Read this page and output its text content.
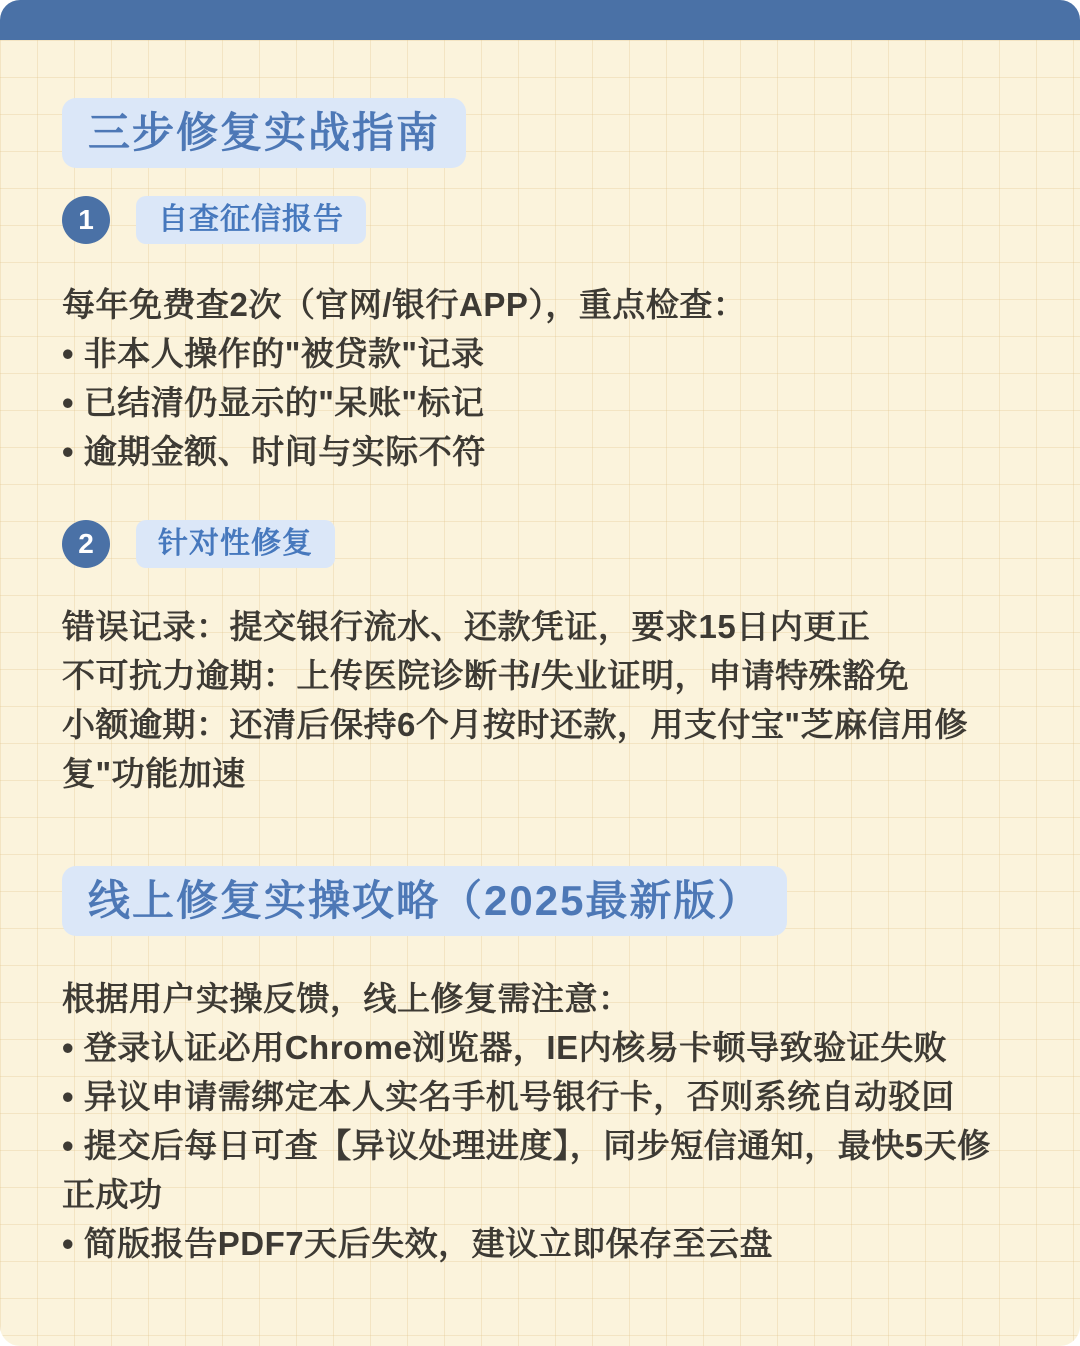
三步修复实战指南
1	自查征信报告
每年免费查2次（官网/银行APP），重点检查：
• 非本人操作的"被贷款"记录
• 已结清仍显示的"呆账"标记
• 逾期金额、时间与实际不符
2	针对性修复
错误记录：提交银行流水、还款凭证，要求15日内更正
不可抗力逾期：上传医院诊断书/失业证明，申请特殊豁免
小额逾期：还清后保持6个月按时还款，用支付宝"芝麻信用修复"功能加速
线上修复实操攻略（2025最新版）
根据用户实操反馈，线上修复需注意：
• 登录认证必用Chrome浏览器，IE内核易卡顿导致验证失败
• 异议申请需绑定本人实名手机号银行卡，否则系统自动驳回
• 提交后每日可查【异议处理进度】，同步短信通知，最快5天修正成功
• 简版报告PDF7天后失效，建议立即保存至云盘
